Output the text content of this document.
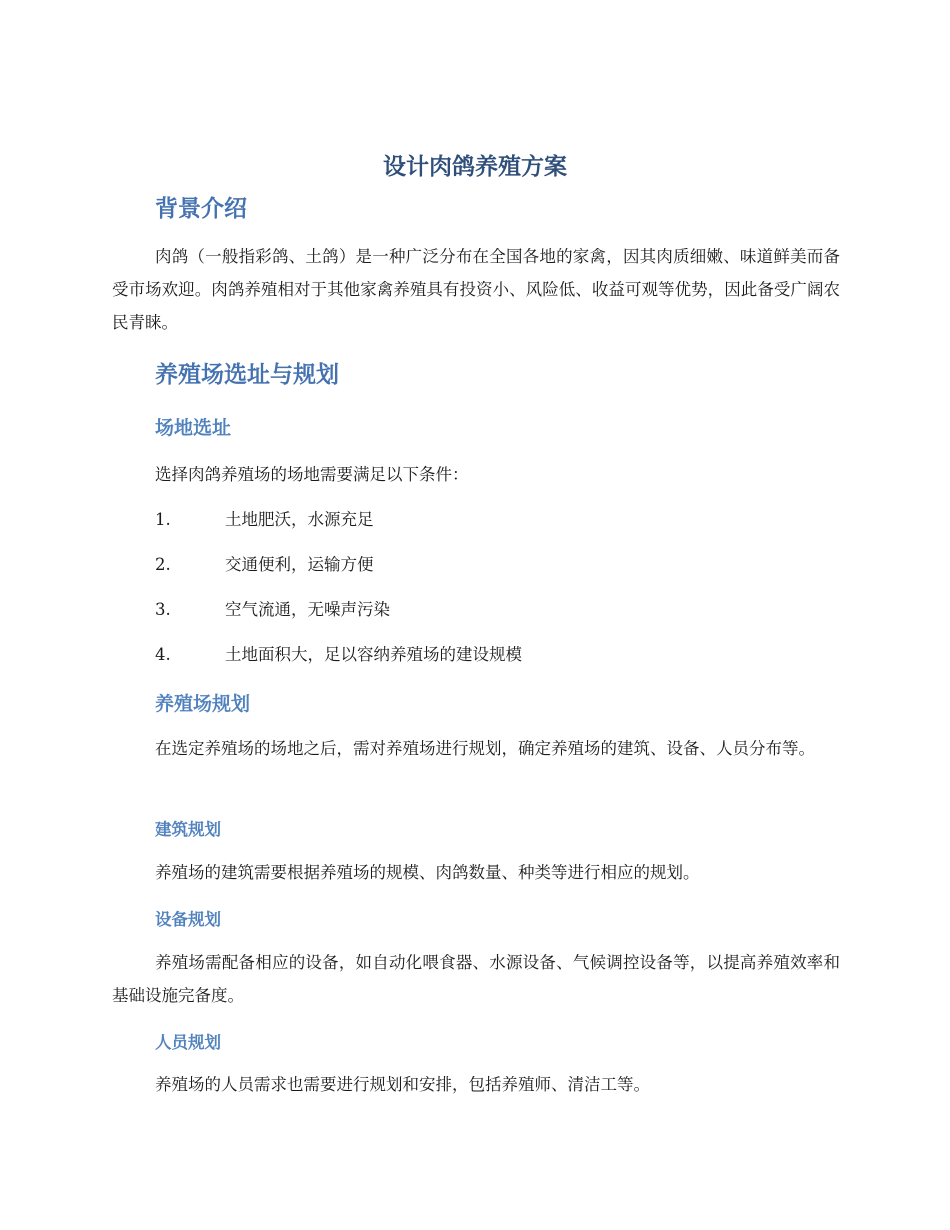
设计肉鸽养殖方案
背景介绍

肉鸽（一般指彩鸽、土鸽）是一种广泛分布在全国各地的家禽，因其肉质细嫩、味道鲜美而备受市场欢迎。肉鸽养殖相对于其他家禽养殖具有投资小、风险低、收益可观等优势，因此备受广阔农民青睐。

养殖场选址与规划
场地选址

选择肉鸽养殖场的场地需要满足以下条件：

1.	土地肥沃，水源充足

2.	交通便利，运输方便

3.	空气流通，无噪声污染

4.	土地面积大，足以容纳养殖场的建设规模

养殖场规划

在选定养殖场的场地之后，需对养殖场进行规划，确定养殖场的建筑、设备、人员分布等。

建筑规划

养殖场的建筑需要根据养殖场的规模、肉鸽数量、种类等进行相应的规划。

设备规划

养殖场需配备相应的设备，如自动化喂食器、水源设备、气候调控设备等，以提高养殖效率和基础设施完备度。

人员规划

养殖场的人员需求也需要进行规划和安排，包括养殖师、清洁工等。
